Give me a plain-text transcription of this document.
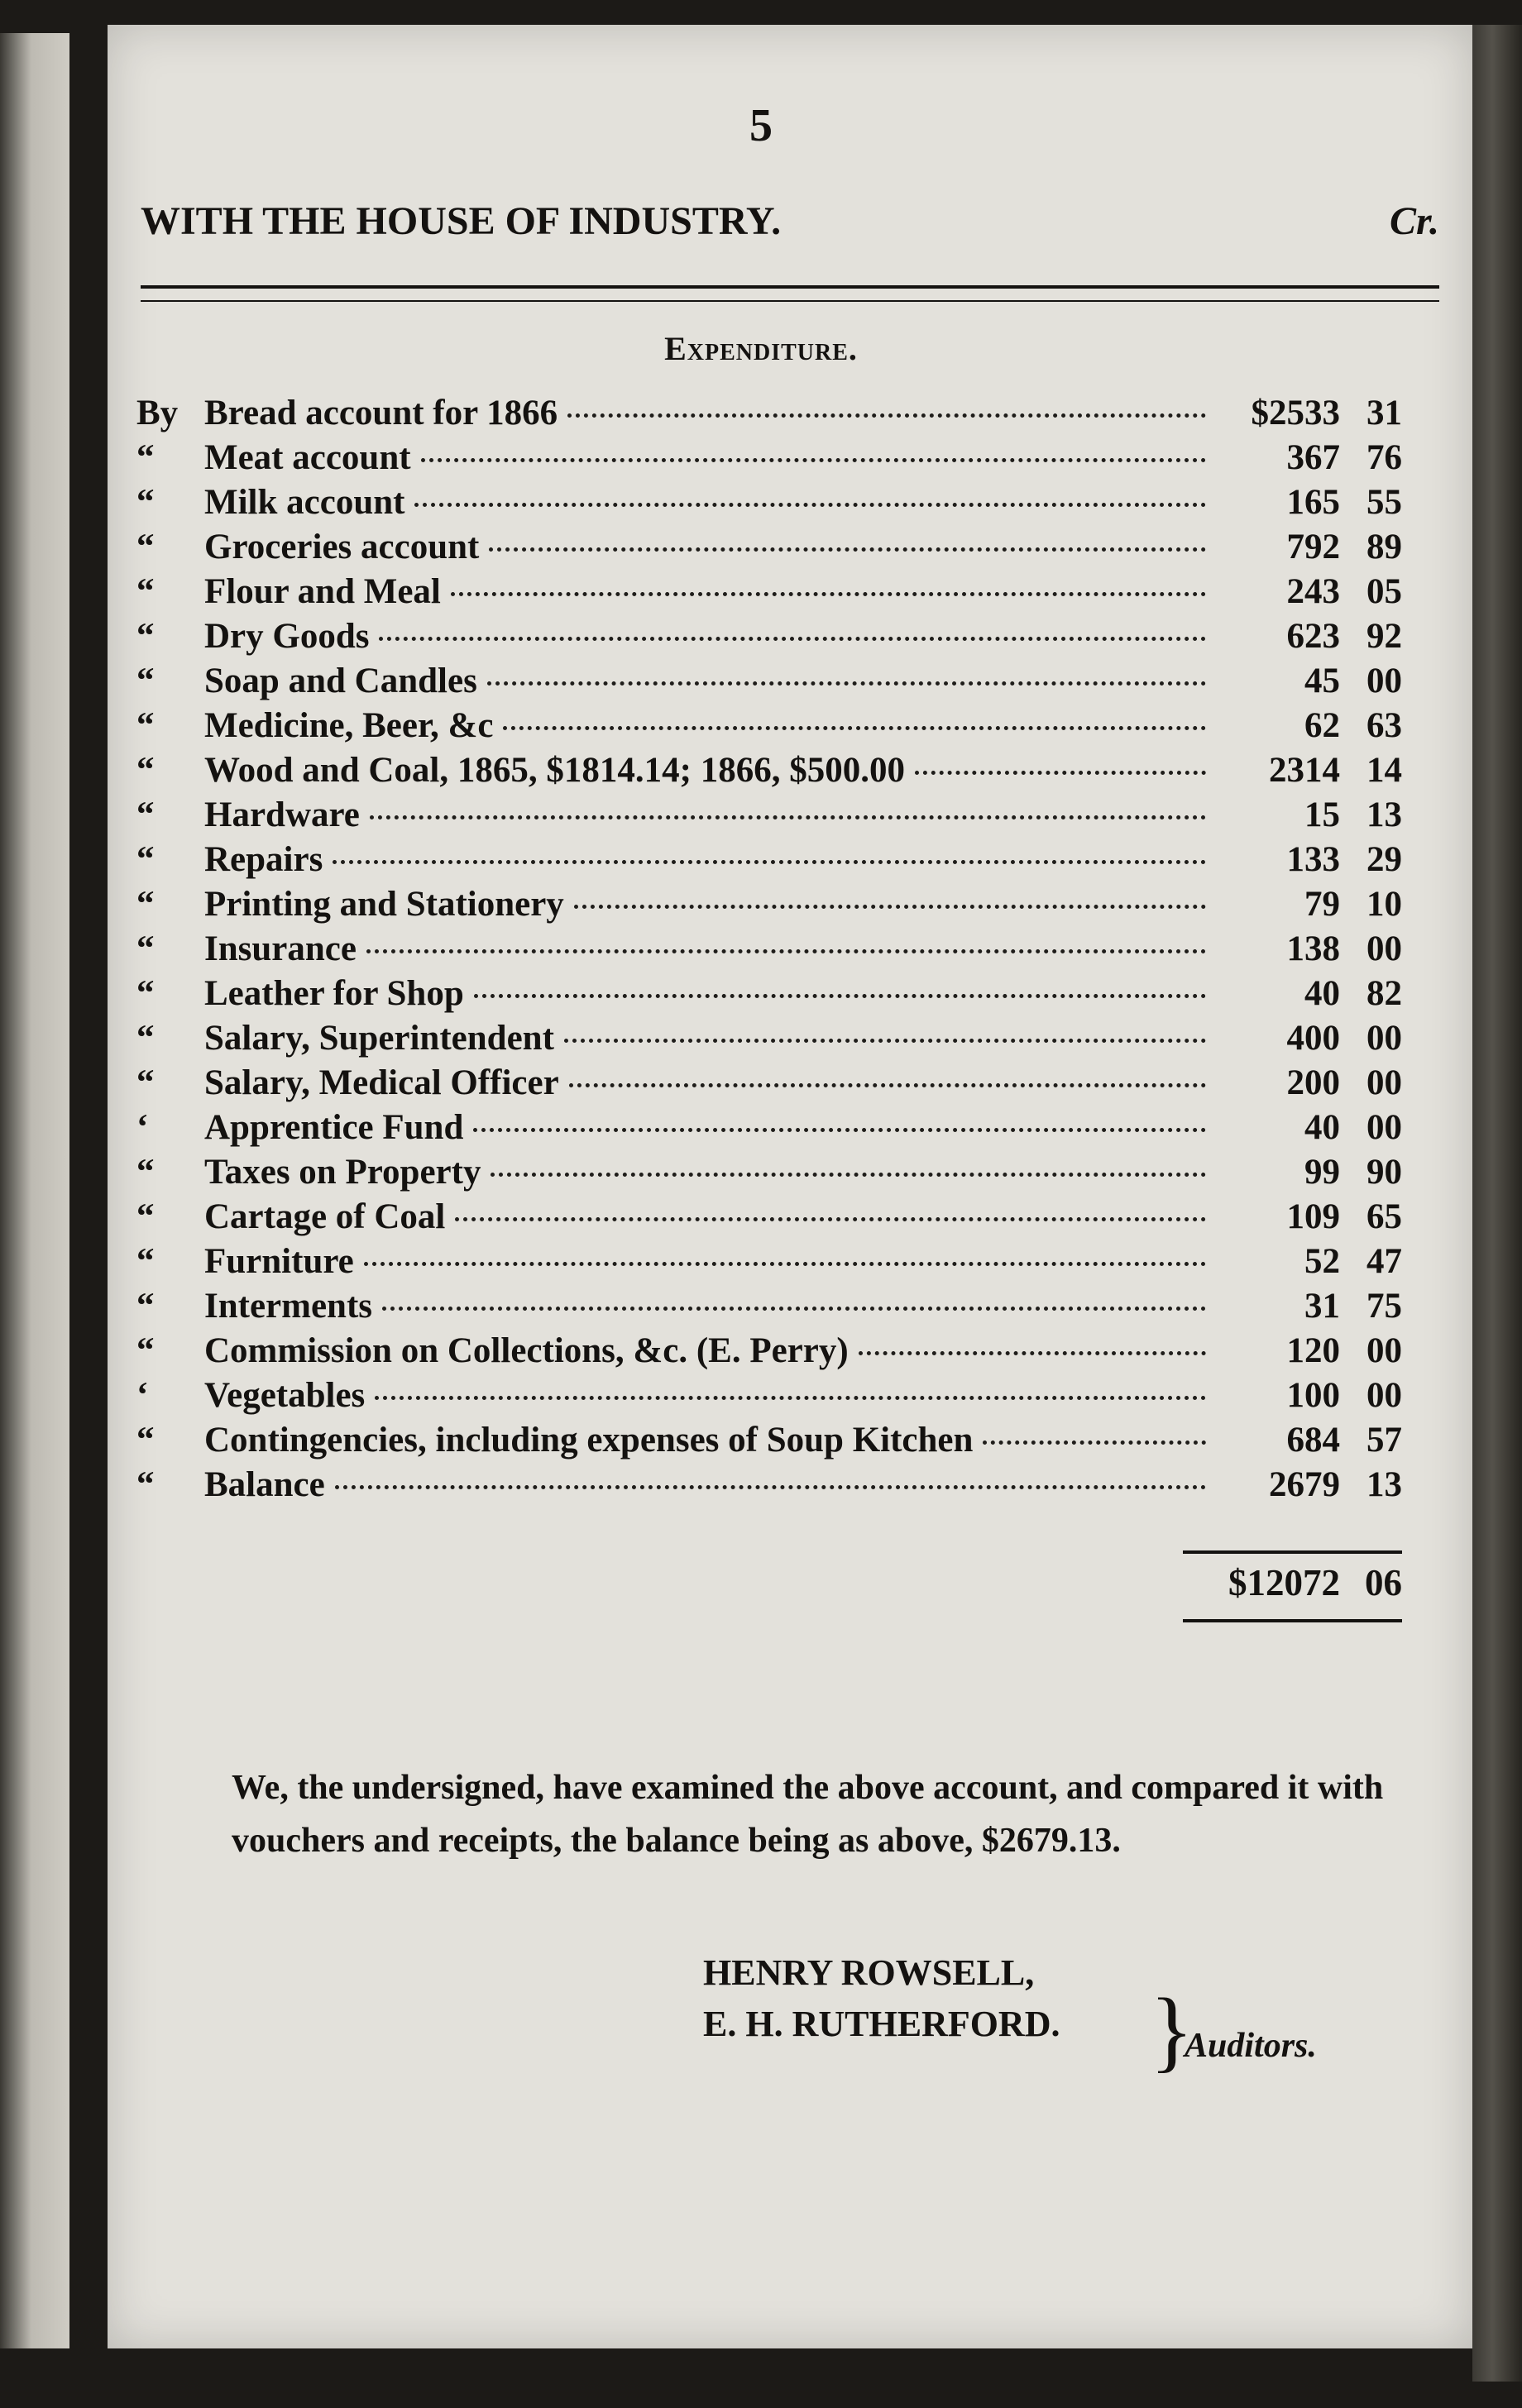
5
WITH THE HOUSE OF INDUSTRY.	Cr.
Expenditure.
By Bread account for 1866	$2533 31
“	Meat account	367 76
“	Milk account	165 55
“	Groceries account	792 89
“	Flour and Meal	243 05
“	Dry Goods	623 92
“	Soap and Candles	45 00
“	Medicine, Beer, &c	62 63
“	Wood and Coal, 1865, $1814.14; 1866, $500.00	2314 14
“	Hardware	15 13
“	Repairs	133 29
“	Printing and Stationery	79 10
“	Insurance	138 00
“	Leather for Shop	40 82
“	Salary, Superintendent	400 00
“	Salary, Medical Officer	200 00
‘	Apprentice Fund	40 00
“	Taxes on Property	99 90
“	Cartage of Coal	109 65
“	Furniture	52 47
“	Interments	31 75
“	Commission on Collections, &c. (E. Perry)	120 00
‘	Vegetables	100 00
“	Contingencies, including expenses of Soup Kitchen	684 57
“	Balance	2679 13
$12072 06
We, the undersigned, have examined the above account, and compared it with vouchers and receipts, the balance being as above, $2679.13.
HENRY ROWSELL,
E. H. RUTHERFORD. }
Auditors.
